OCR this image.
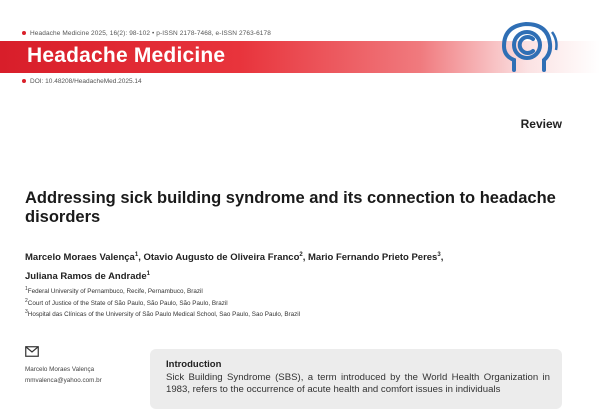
Headache Medicine 2025, 16(2): 98-102 • p-ISSN 2178-7468, e-ISSN 2763-6178
Headache Medicine
DOI: 10.48208/HeadacheMed.2025.14
Review
Addressing sick building syndrome and its connection to headache disorders
Marcelo Moraes Valença$^1$, Otavio Augusto de Oliveira Franco$^2$, Mario Fernando Prieto Peres$^3$,
Juliana Ramos de Andrade$^1$
$^1$Federal University of Pernambuco, Recife, Pernambuco, Brazil
$^2$Court of Justice of the State of São Paulo, São Paulo, São Paulo, Brazil
$^3$Hospital das Clínicas of the University of São Paulo Medical School, Sao Paulo, Sao Paulo, Brazil
Marcelo Moraes Valença
mmvalenca@yahoo.com.br
Introduction
Sick Building Syndrome (SBS), a term introduced by the World Health Organization in 1983, refers to the occurrence of acute health and comfort issues in individuals
